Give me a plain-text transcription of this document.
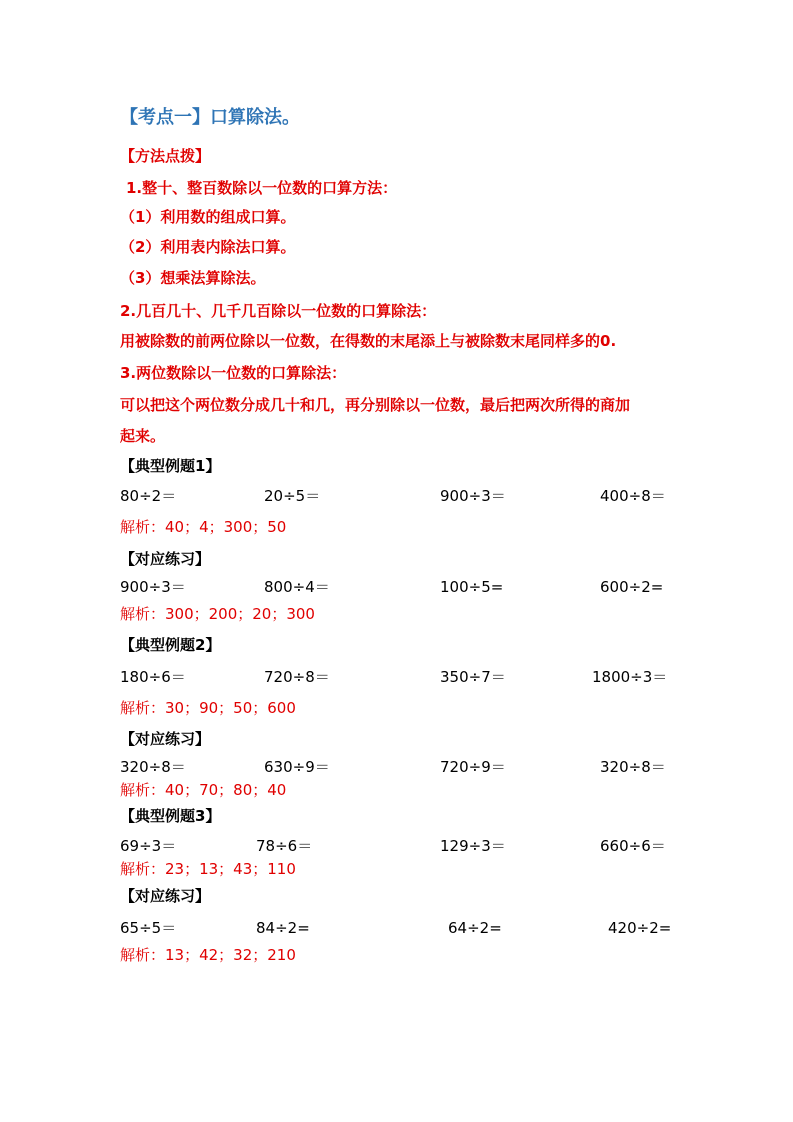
【考点一】口算除法。
【方法点拨】
1.整十、整百数除以一位数的口算方法：
（1）利用数的组成口算。
（2）利用表内除法口算。
（3）想乘法算除法。
2.几百几十、几千几百除以一位数的口算除法：
用被除数的前两位除以一位数，在得数的末尾添上与被除数末尾同样多的0.
3.两位数除以一位数的口算除法：
可以把这个两位数分成几十和几，再分别除以一位数，最后把两次所得的商加
起来。
【典型例题1】
80÷2＝	20÷5＝	900÷3＝	400÷8＝
解析：40；4；300；50
【对应练习】
900÷3＝	800÷4＝	100÷5=	600÷2=
解析：300；200；20；300
【典型例题2】
180÷6＝	720÷8＝	350÷7＝	1800÷3＝
解析：30；90；50；600
【对应练习】
320÷8＝	630÷9＝	720÷9＝	320÷8＝
解析：40；70；80；40
【典型例题3】
69÷3＝	78÷6＝	129÷3＝	660÷6＝
解析：23；13；43；110
【对应练习】
65÷5＝	84÷2=	64÷2=	420÷2=
解析：13；42；32；210
